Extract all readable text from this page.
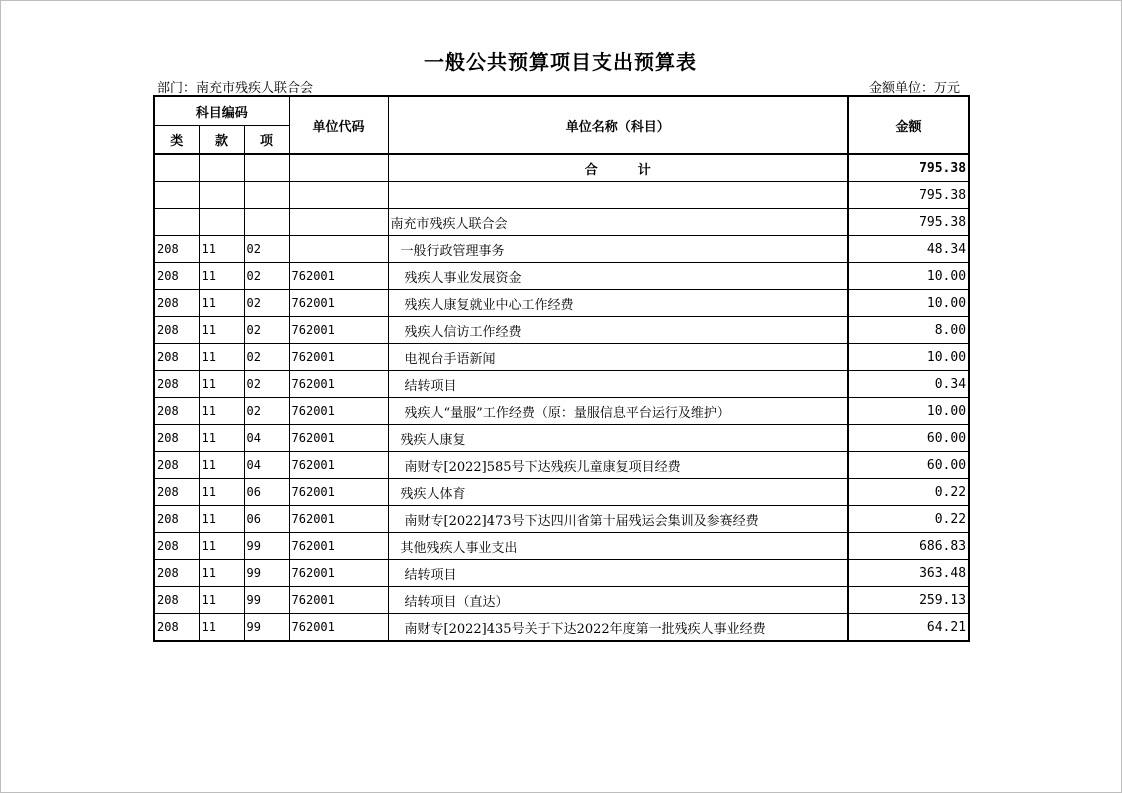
一般公共预算项目支出预算表
部门：南充市残疾人联合会	金额单位：万元
科目编码			单位代码	单位名称（科目）	金额
类	款	项			
				合计	795.38
					795.38
				南充市残疾人联合会	795.38
208	11	02		一般行政管理事务	48.34
208	11	02	762001	残疾人事业发展资金	10.00
208	11	02	762001	残疾人康复就业中心工作经费	10.00
208	11	02	762001	残疾人信访工作经费	8.00
208	11	02	762001	电视台手语新闻	10.00
208	11	02	762001	结转项目	0.34
208	11	02	762001	残疾人“量服”工作经费（原：量服信息平台运行及维护）	10.00
208	11	04	762001	残疾人康复	60.00
208	11	04	762001	南财专[2022]585号下达残疾儿童康复项目经费	60.00
208	11	06	762001	残疾人体育	0.22
208	11	06	762001	南财专[2022]473号下达四川省第十届残运会集训及参赛经费	0.22
208	11	99	762001	其他残疾人事业支出	686.83
208	11	99	762001	结转项目	363.48
208	11	99	762001	结转项目（直达）	259.13
208	11	99	762001	南财专[2022]435号关于下达2022年度第一批残疾人事业经费	64.21
